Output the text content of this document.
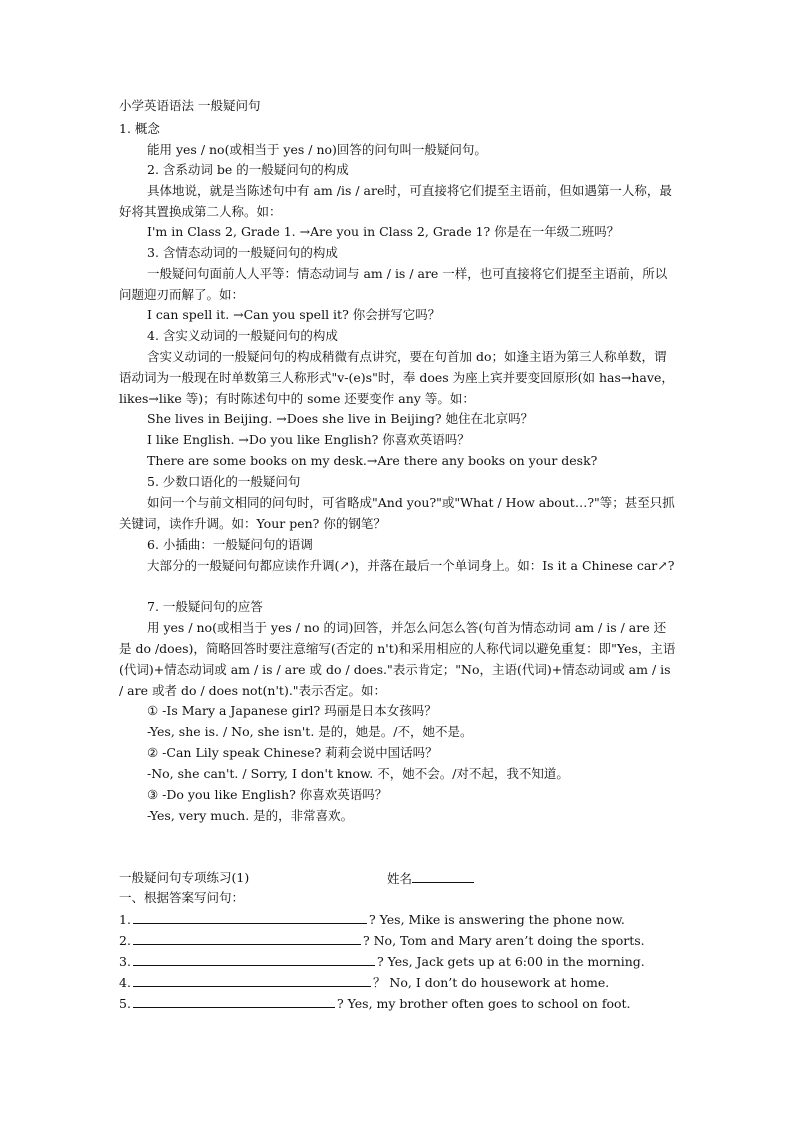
小学英语语法 一般疑问句
1. 概念
能用 yes / no(或相当于 yes / no)回答的问句叫一般疑问句。
2. 含系动词 be 的一般疑问句的构成
具体地说，就是当陈述句中有 am /is / are时，可直接将它们提至主语前，但如遇第一人称，最好将其置换成第二人称。如：
I'm in Class 2, Grade 1. →Are you in Class 2, Grade 1? 你是在一年级二班吗？
3. 含情态动词的一般疑问句的构成
一般疑问句面前人人平等：情态动词与 am / is / are 一样，也可直接将它们提至主语前，所以问题迎刃而解了。如：
I can spell it. →Can you spell it? 你会拼写它吗？
4. 含实义动词的一般疑问句的构成
含实义动词的一般疑问句的构成稍微有点讲究，要在句首加 do；如逢主语为第三人称单数，谓语动词为一般现在时单数第三人称形式"v-(e)s"时，奉 does 为座上宾并要变回原形(如 has→have，likes→like 等)；有时陈述句中的 some 还要变作 any 等。如：
She lives in Beijing. →Does she live in Beijing? 她住在北京吗？
I like English. →Do you like English? 你喜欢英语吗？
There are some books on my desk.→Are there any books on your desk?
5. 少数口语化的一般疑问句
如问一个与前文相同的问句时，可省略成"And you?"或"What / How about…?"等；甚至只抓关键词，读作升调。如：Your pen? 你的钢笔？
6. 小插曲：一般疑问句的语调
大部分的一般疑问句都应读作升调(↗)，并落在最后一个单词身上。如：Is it a Chinese car↗?
7. 一般疑问句的应答
用 yes / no(或相当于 yes / no 的词)回答，并怎么问怎么答(句首为情态动词 am / is / are 还是 do /does)，简略回答时要注意缩写(否定的 n't)和采用相应的人称代词以避免重复：即"Yes，主语(代词)+情态动词或 am / is / are 或 do / does."表示肯定；"No，主语(代词)+情态动词或 am / is / are 或者 do / does not(n't)."表示否定。如：
① -Is Mary a Japanese girl? 玛丽是日本女孩吗？
-Yes, she is. / No, she isn't. 是的，她是。/不，她不是。
② -Can Lily speak Chinese? 莉莉会说中国话吗？
-No, she can't. / Sorry, I don't know. 不，她不会。/对不起，我不知道。
③ -Do you like English? 你喜欢英语吗？
-Yes, very much. 是的，非常喜欢。
一般疑问句专项练习(1)	姓名
一、根据答案写问句：
1.	? Yes, Mike is answering the phone now.
2.	? No, Tom and Mary aren’t doing the sports.
3.	? Yes, Jack gets up at 6:00 in the morning.
4.	？ No, I don’t do housework at home.
5.	? Yes, my brother often goes to school on foot.
